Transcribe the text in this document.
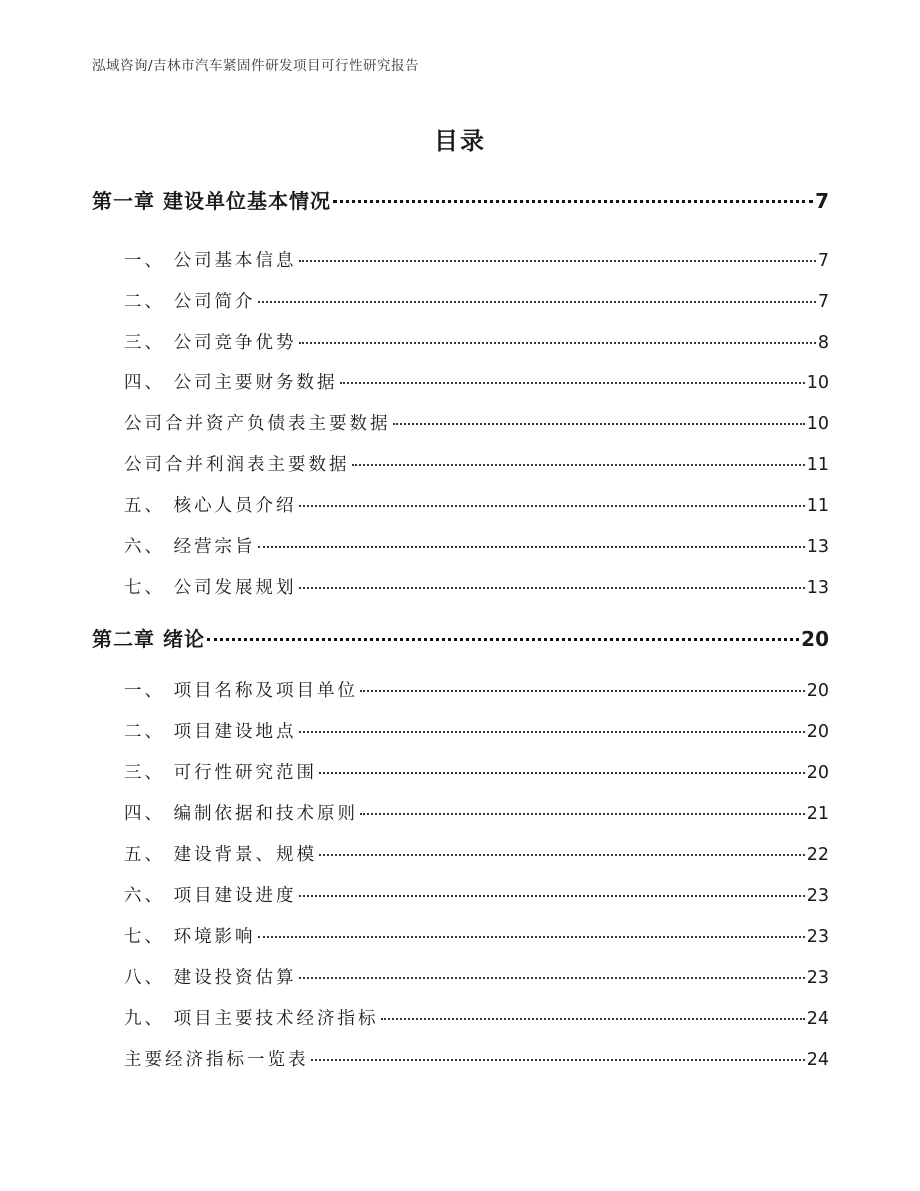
泓域咨询/吉林市汽车紧固件研发项目可行性研究报告
目录
第一章 建设单位基本情况	7
一、 公司基本信息	7
二、 公司简介	7
三、 公司竞争优势	8
四、 公司主要财务数据	10
公司合并资产负债表主要数据	10
公司合并利润表主要数据	11
五、 核心人员介绍	11
六、 经营宗旨	13
七、 公司发展规划	13
第二章 绪论	20
一、 项目名称及项目单位	20
二、 项目建设地点	20
三、 可行性研究范围	20
四、 编制依据和技术原则	21
五、 建设背景、规模	22
六、 项目建设进度	23
七、 环境影响	23
八、 建设投资估算	23
九、 项目主要技术经济指标	24
主要经济指标一览表	24
